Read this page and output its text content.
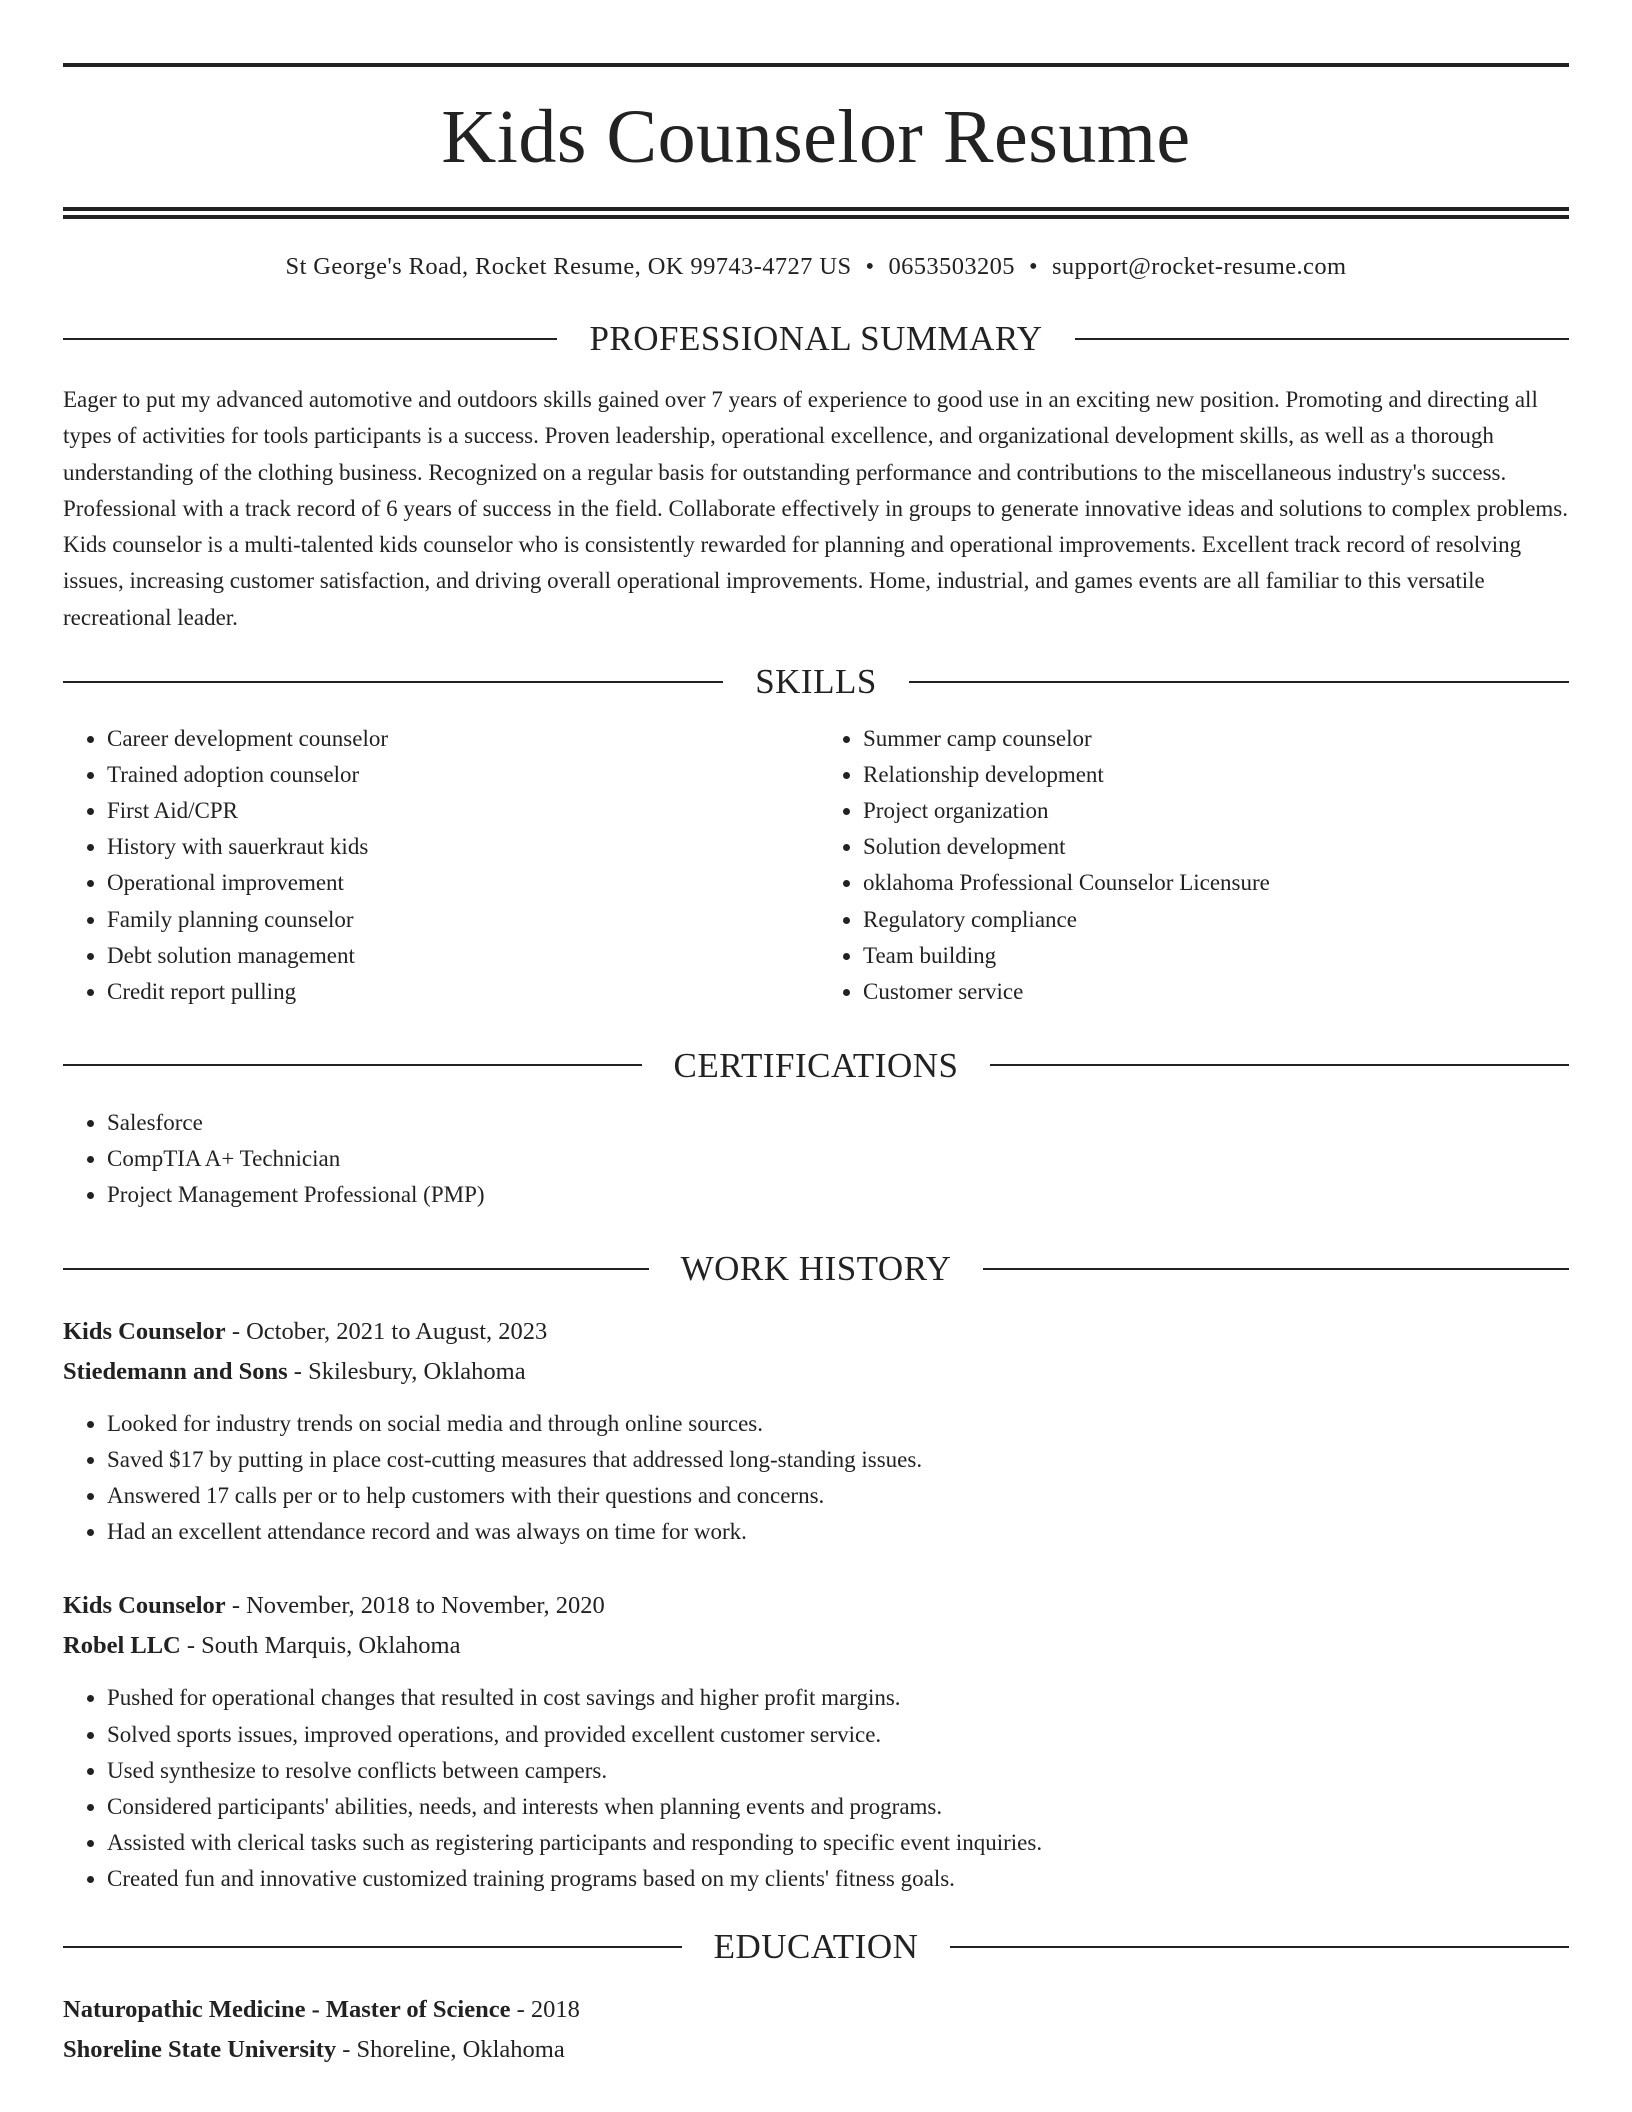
Kids Counselor Resume
St George's Road, Rocket Resume, OK 99743-4727 US • 0653503205 • support@rocket-resume.com
PROFESSIONAL SUMMARY

Eager to put my advanced automotive and outdoors skills gained over 7 years of experience to good use in an exciting new position. Promoting and directing all types of activities for tools participants is a success. Proven leadership, operational excellence, and organizational development skills, as well as a thorough understanding of the clothing business. Recognized on a regular basis for outstanding performance and contributions to the miscellaneous industry's success. Professional with a track record of 6 years of success in the field. Collaborate effectively in groups to generate innovative ideas and solutions to complex problems. Kids counselor is a multi-talented kids counselor who is consistently rewarded for planning and operational improvements. Excellent track record of resolving issues, increasing customer satisfaction, and driving overall operational improvements. Home, industrial, and games events are all familiar to this versatile recreational leader.

SKILLS
• Career development counselor
• Trained adoption counselor
• First Aid/CPR
• History with sauerkraut kids
• Operational improvement
• Family planning counselor
• Debt solution management
• Credit report pulling
• Summer camp counselor
• Relationship development
• Project organization
• Solution development
• oklahoma Professional Counselor Licensure
• Regulatory compliance
• Team building
• Customer service
CERTIFICATIONS
• Salesforce
• CompTIA A+ Technician
• Project Management Professional (PMP)
WORK HISTORY
Kids Counselor - October, 2021 to August, 2023
Stiedemann and Sons - Skilesbury, Oklahoma
• Looked for industry trends on social media and through online sources.
• Saved $17 by putting in place cost-cutting measures that addressed long-standing issues.
• Answered 17 calls per or to help customers with their questions and concerns.
• Had an excellent attendance record and was always on time for work.
Kids Counselor - November, 2018 to November, 2020
Robel LLC - South Marquis, Oklahoma
• Pushed for operational changes that resulted in cost savings and higher profit margins.
• Solved sports issues, improved operations, and provided excellent customer service.
• Used synthesize to resolve conflicts between campers.
• Considered participants' abilities, needs, and interests when planning events and programs.
• Assisted with clerical tasks such as registering participants and responding to specific event inquiries.
• Created fun and innovative customized training programs based on my clients' fitness goals.
EDUCATION
Naturopathic Medicine - Master of Science - 2018
Shoreline State University - Shoreline, Oklahoma
